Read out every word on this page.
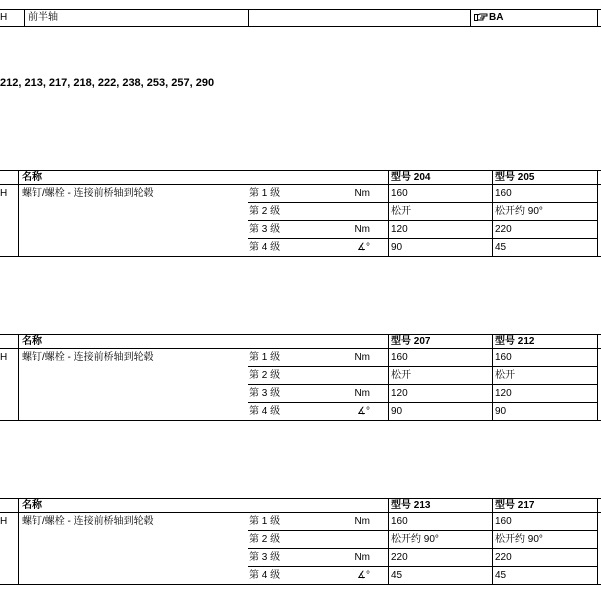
H 前半轴	BA
212, 213, 217, 218, 222, 238, 253, 257, 290
名称	型号 204	型号 205
H 螺钉/螺栓 - 连接前桥轴到轮毂	第 1 级	Nm 160	160
第 2 级	松开	松开约 90°
第 3 级	Nm 120	220
第 4 级	∡° 90	45
名称	型号 207	型号 212
H 螺钉/螺栓 - 连接前桥轴到轮毂	第 1 级	Nm 160	160
第 2 级	松开	松开
第 3 级	Nm 120	120
第 4 级	∡° 90	90
名称	型号 213	型号 217
H 螺钉/螺栓 - 连接前桥轴到轮毂	第 1 级	Nm 160	160
第 2 级	松开约 90°	松开约 90°
第 3 级	Nm 220	220
第 4 级	∡° 45	45
